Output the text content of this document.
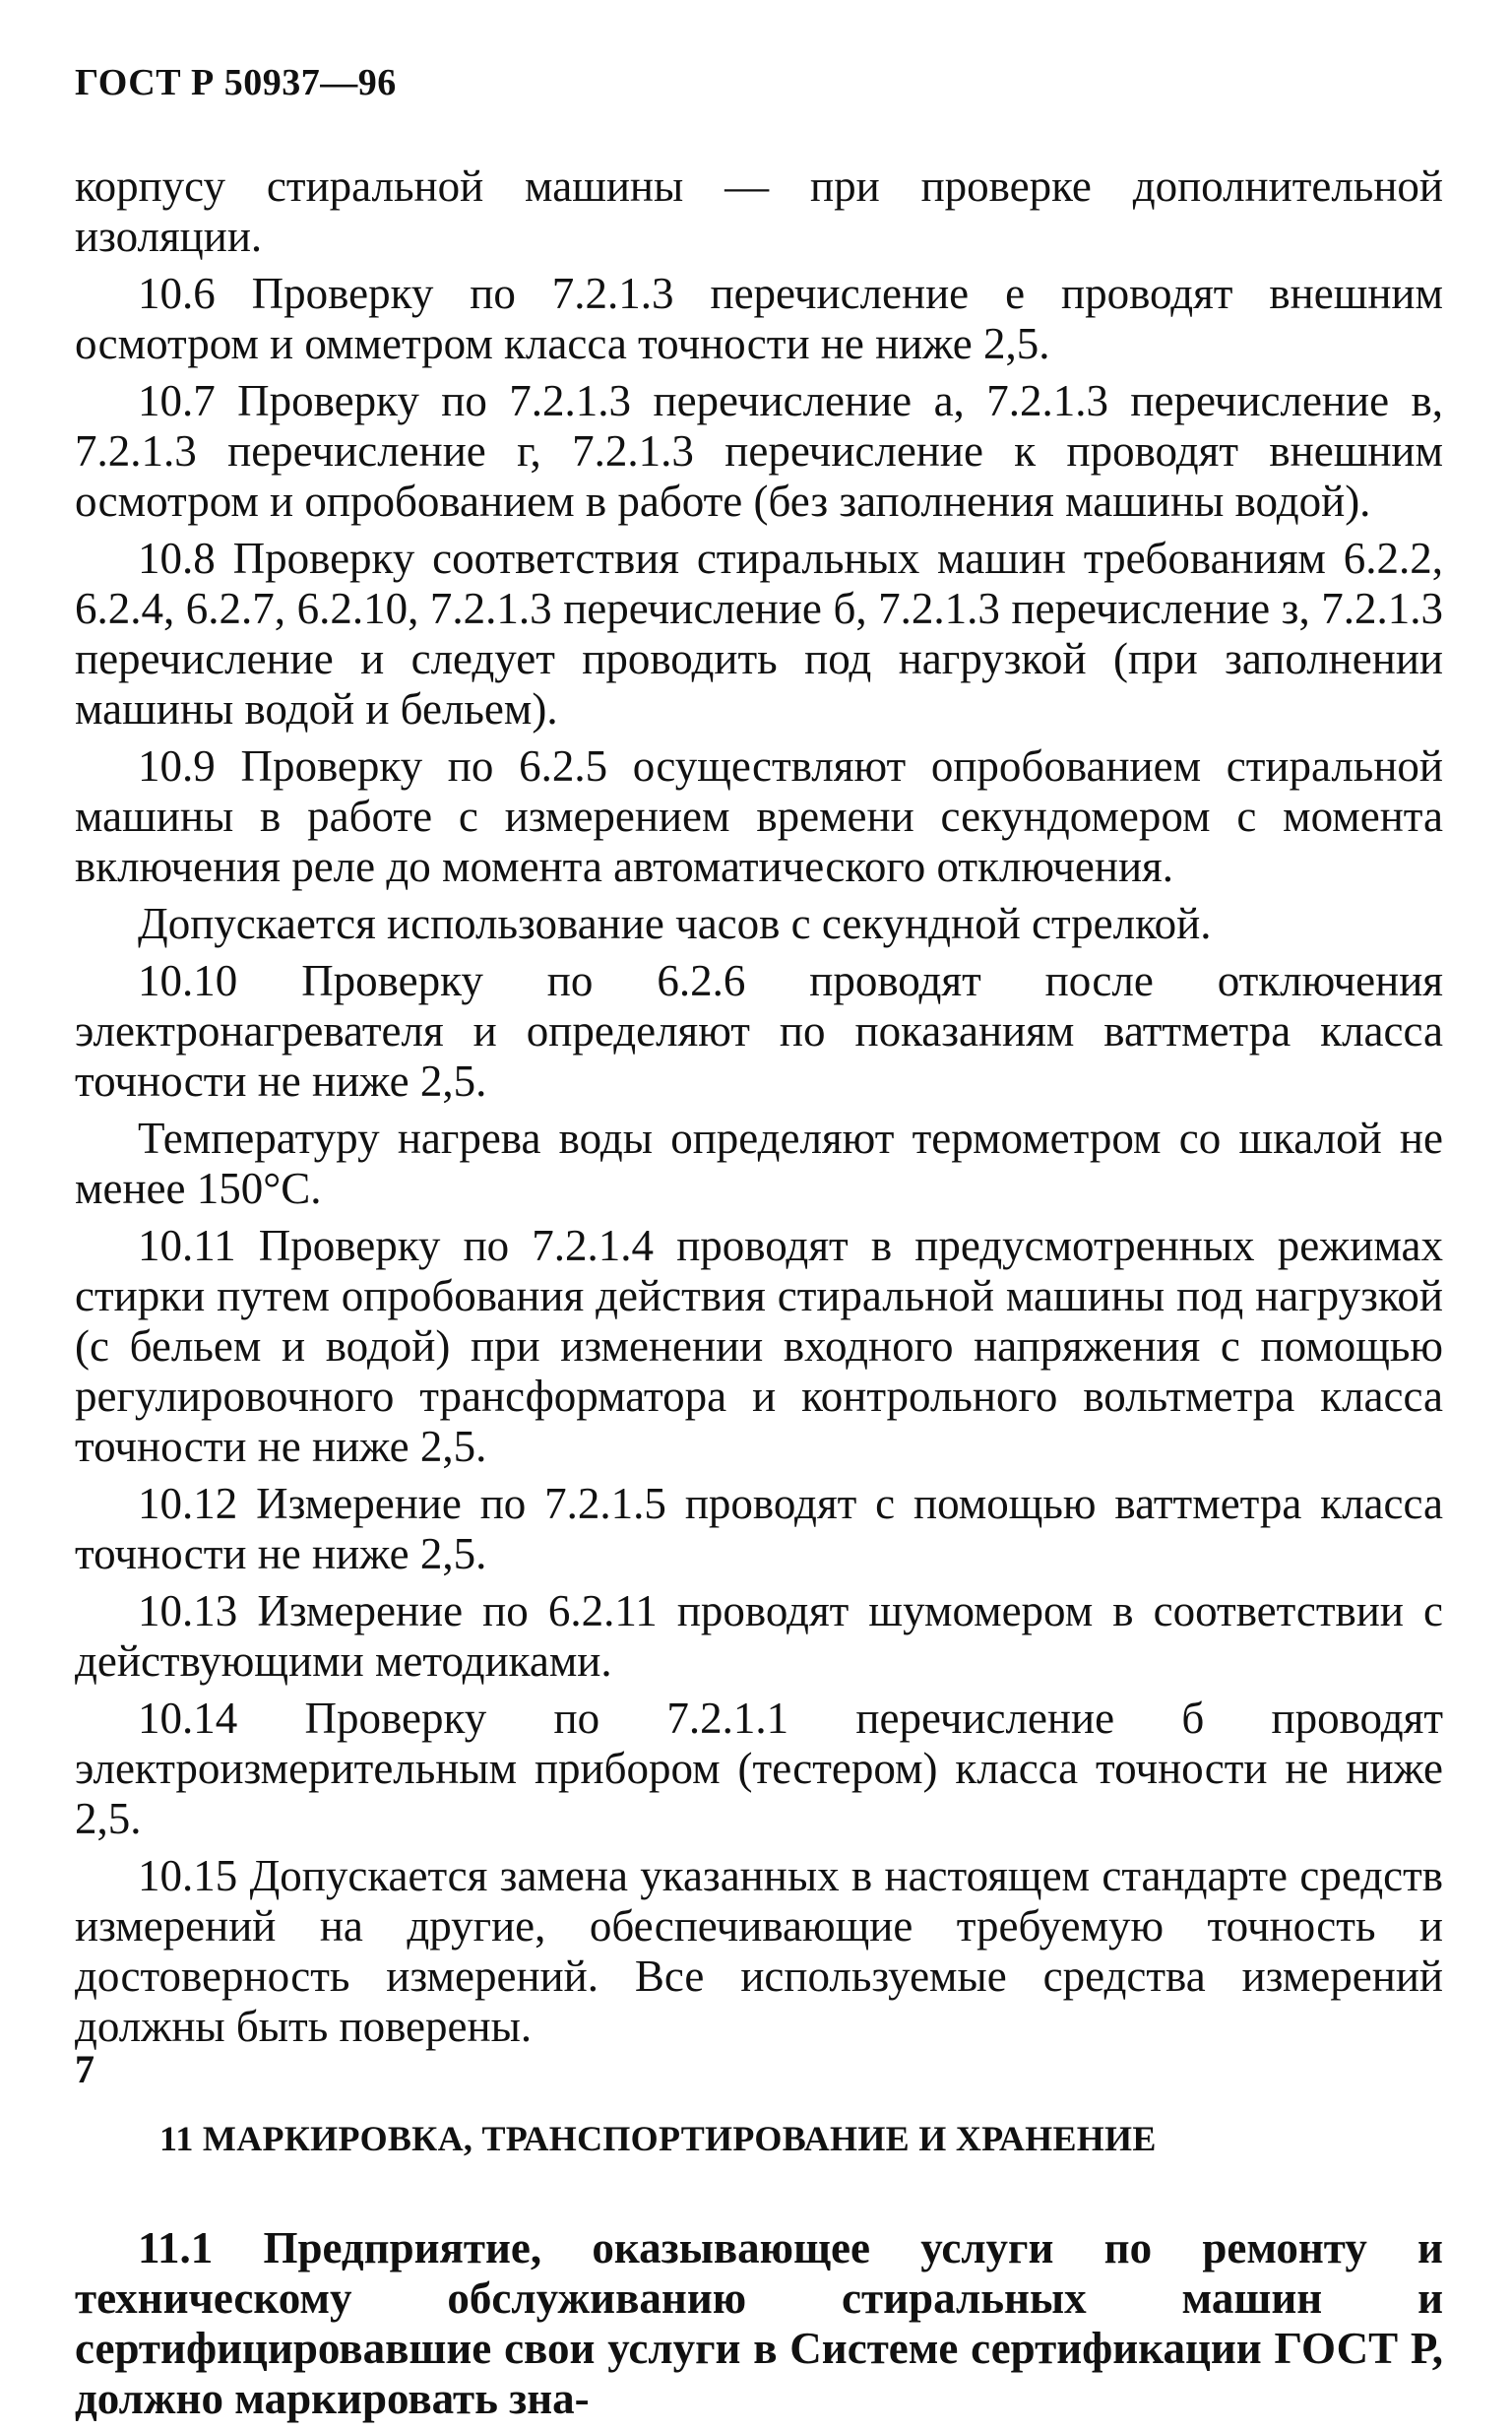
ГОСТ Р 50937—96
корпусу стиральной машины — при проверке дополнительной изоляции.
10.6 Проверку по 7.2.1.3 перечисление е проводят внешним осмотром и омметром класса точности не ниже 2,5.
10.7 Проверку по 7.2.1.3 перечисление а, 7.2.1.3 перечисление в, 7.2.1.3 перечисление г, 7.2.1.3 перечисление к проводят внешним осмотром и опробованием в работе (без заполнения машины водой).
10.8 Проверку соответствия стиральных машин требованиям 6.2.2, 6.2.4, 6.2.7, 6.2.10, 7.2.1.3 перечисление б, 7.2.1.3 перечисление з, 7.2.1.3 перечисление и следует проводить под нагрузкой (при заполнении машины водой и бельем).
10.9 Проверку по 6.2.5 осуществляют опробованием стиральной машины в работе с измерением времени секундомером с момента включения реле до момента автоматического отключения.
Допускается использование часов с секундной стрелкой.
10.10 Проверку по 6.2.6 проводят после отключения электронагревателя и определяют по показаниям ваттметра класса точности не ниже 2,5.
Температуру нагрева воды определяют термометром со шкалой не менее 150°С.
10.11 Проверку по 7.2.1.4 проводят в предусмотренных режимах стирки путем опробования действия стиральной машины под нагрузкой (с бельем и водой) при изменении входного напряжения с помощью регулировочного трансформатора и контрольного вольтметра класса точности не ниже 2,5.
10.12 Измерение по 7.2.1.5 проводят с помощью ваттметра класса точности не ниже 2,5.
10.13 Измерение по 6.2.11 проводят шумомером в соответствии с действующими методиками.
10.14 Проверку по 7.2.1.1 перечисление б проводят электроизмерительным прибором (тестером) класса точности не ниже 2,5.
10.15 Допускается замена указанных в настоящем стандарте средств измерений на другие, обеспечивающие требуемую точность и достоверность измерений. Все используемые средства измерений должны быть поверены.
11 МАРКИРОВКА, ТРАНСПОРТИРОВАНИЕ И ХРАНЕНИЕ
11.1 Предприятие, оказывающее услуги по ремонту и техническому обслуживанию стиральных машин и сертифицировавшие свои услуги в Системе сертификации ГОСТ Р, должно маркировать зна-
7
